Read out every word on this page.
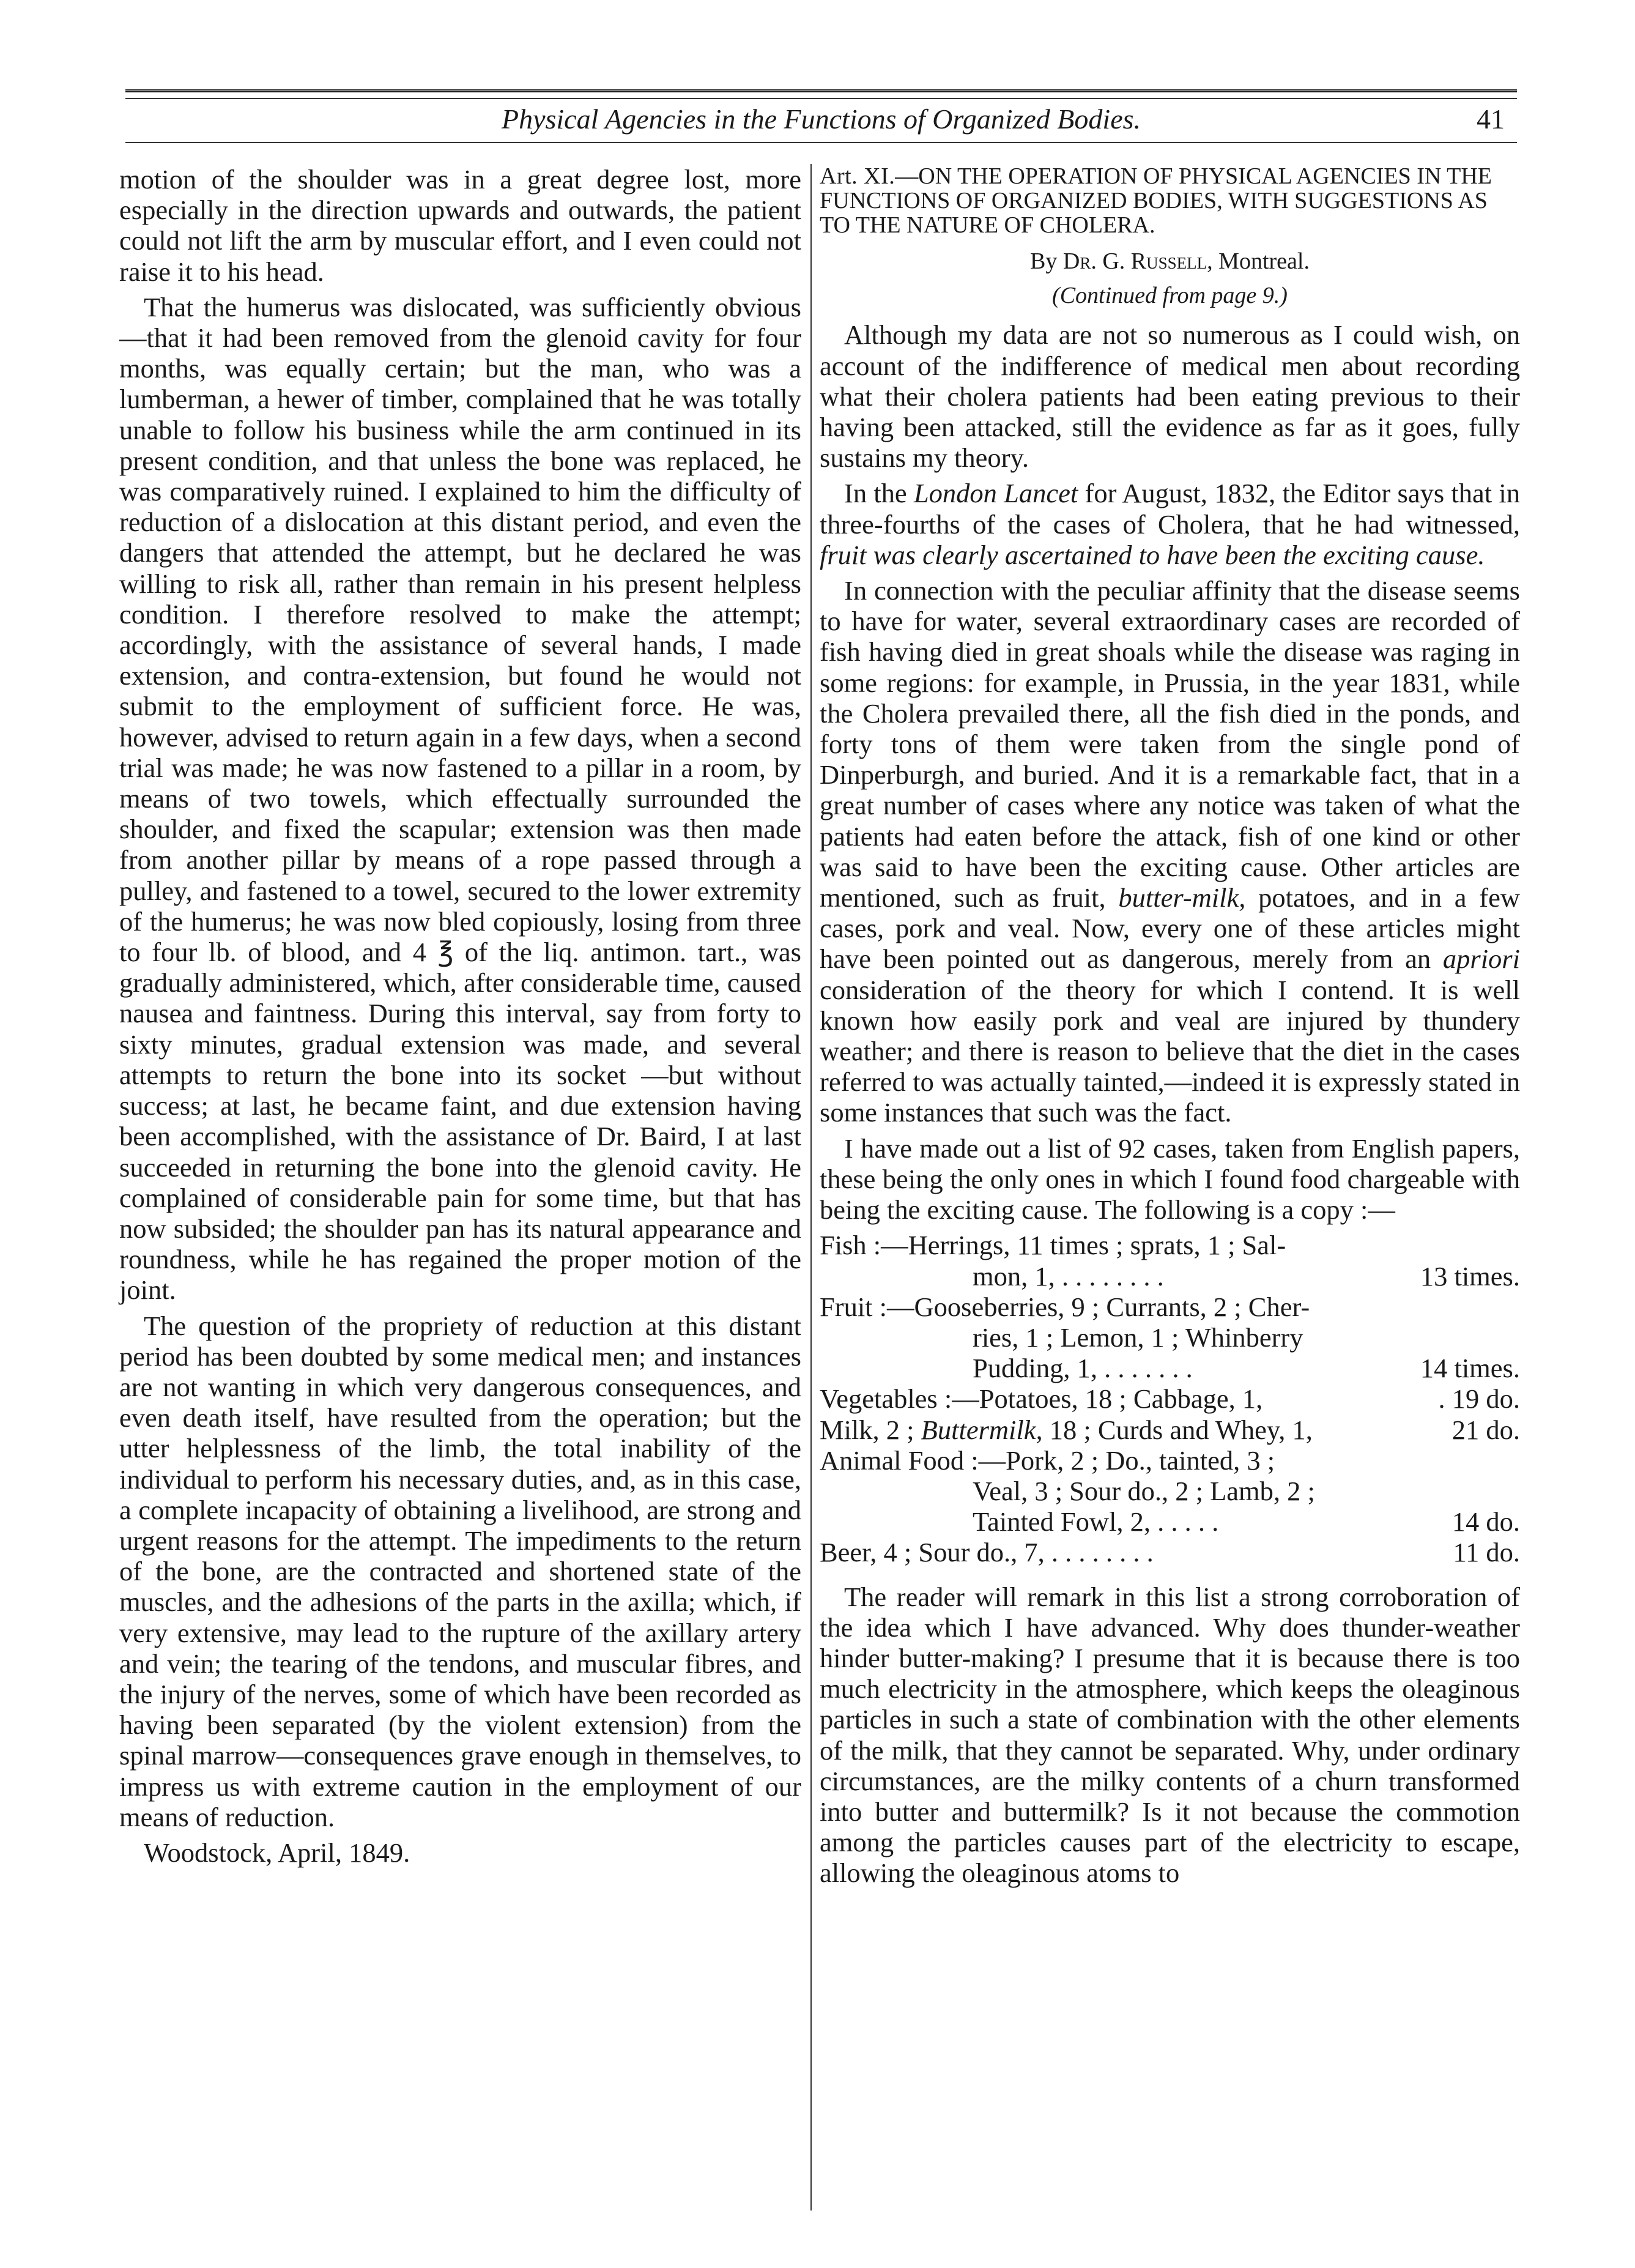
Physical Agencies in the Functions of Organized Bodies.	41

motion of the shoulder was in a great degree lost, more especially in the direction upwards and outwards, the patient could not lift the arm by muscular effort, and I even could not raise it to his head.

That the humerus was dislocated, was sufficiently obvious—that it had been removed from the glenoid cavity for four months, was equally certain; but the man, who was a lumberman, a hewer of timber, complained that he was totally unable to follow his business while the arm continued in its present condition, and that unless the bone was replaced, he was comparatively ruined. I explained to him the difficulty of reduction of a dislocation at this distant period, and even the dangers that attended the attempt, but he declared he was willing to risk all, rather than remain in his present helpless condition. I therefore resolved to make the attempt; accordingly, with the assistance of several hands, I made extension, and contra-extension, but found he would not submit to the employment of sufficient force. He was, however, advised to return again in a few days, when a second trial was made; he was now fastened to a pillar in a room, by means of two towels, which effectually surrounded the shoulder, and fixed the scapular; extension was then made from another pillar by means of a rope passed through a pulley, and fastened to a towel, secured to the lower extremity of the humerus; he was now bled copiously, losing from three to four lb. of blood, and 4 ℥ of the liq. antimon. tart., was gradually administered, which, after considerable time, caused nausea and faintness. During this interval, say from forty to sixty minutes, gradual extension was made, and several attempts to return the bone into its socket —but without success; at last, he became faint, and due extension having been accomplished, with the assistance of Dr. Baird, I at last succeeded in returning the bone into the glenoid cavity. He complained of considerable pain for some time, but that has now subsided; the shoulder pan has its natural appearance and roundness, while he has regained the proper motion of the joint.

The question of the propriety of reduction at this distant period has been doubted by some medical men; and instances are not wanting in which very dangerous consequences, and even death itself, have resulted from the operation; but the utter helplessness of the limb, the total inability of the individual to perform his necessary duties, and, as in this case, a complete incapacity of obtaining a livelihood, are strong and urgent reasons for the attempt. The impediments to the return of the bone, are the contracted and shortened state of the muscles, and the adhesions of the parts in the axilla; which, if very extensive, may lead to the rupture of the axillary artery and vein; the tearing of the tendons, and muscular fibres, and the injury of the nerves, some of which have been recorded as having been separated (by the violent extension) from the spinal marrow—consequences grave enough in themselves, to impress us with extreme caution in the employment of our means of reduction.

Woodstock, April, 1849.
Art. XI.—ON THE OPERATION OF PHYSICAL AGENCIES IN THE FUNCTIONS OF ORGANIZED BODIES, WITH SUGGESTIONS AS TO THE NATURE OF CHOLERA.
By Dr. G. Russell, Montreal.
(Continued from page 9.)

Although my data are not so numerous as I could wish, on account of the indifference of medical men about recording what their cholera patients had been eating previous to their having been attacked, still the evidence as far as it goes, fully sustains my theory.

In the London Lancet for August, 1832, the Editor says that in three-fourths of the cases of Cholera, that he had witnessed, fruit was clearly ascertained to have been the exciting cause.

In connection with the peculiar affinity that the disease seems to have for water, several extraordinary cases are recorded of fish having died in great shoals while the disease was raging in some regions: for example, in Prussia, in the year 1831, while the Cholera prevailed there, all the fish died in the ponds, and forty tons of them were taken from the single pond of Dinperburgh, and buried. And it is a remarkable fact, that in a great number of cases where any notice was taken of what the patients had eaten before the attack, fish of one kind or other was said to have been the exciting cause. Other articles are mentioned, such as fruit, butter-milk, potatoes, and in a few cases, pork and veal. Now, every one of these articles might have been pointed out as dangerous, merely from an apriori consideration of the theory for which I contend. It is well known how easily pork and veal are injured by thundery weather; and there is reason to believe that the diet in the cases referred to was actually tainted,—indeed it is expressly stated in some instances that such was the fact.

I have made out a list of 92 cases, taken from English papers, these being the only ones in which I found food chargeable with being the exciting cause. The following is a copy :—

Fish :—Herrings, 11 times ; sprats, 1 ; Sal-
mon, 1, . . . . . . . .	13 times.
Fruit :—Gooseberries, 9 ; Currants, 2 ; Cher-
ries, 1 ; Lemon, 1 ; Whinberry
Pudding, 1, . . . . . . .	14 times.
Vegetables :—Potatoes, 18 ; Cabbage, 1,	. 19 do.
Milk, 2 ; Buttermilk, 18 ; Curds and Whey, 1,	21 do.
Animal Food :—Pork, 2 ; Do., tainted, 3 ;
Veal, 3 ; Sour do., 2 ; Lamb, 2 ;
Tainted Fowl, 2, . . . . .	14 do.
Beer, 4 ; Sour do., 7, . . . . . . . .	11 do.

The reader will remark in this list a strong corroboration of the idea which I have advanced. Why does thunder-weather hinder butter-making? I presume that it is because there is too much electricity in the atmosphere, which keeps the oleaginous particles in such a state of combination with the other elements of the milk, that they cannot be separated. Why, under ordinary circumstances, are the milky contents of a churn transformed into butter and buttermilk? Is it not because the commotion among the particles causes part of the electricity to escape, allowing the oleaginous atoms to
